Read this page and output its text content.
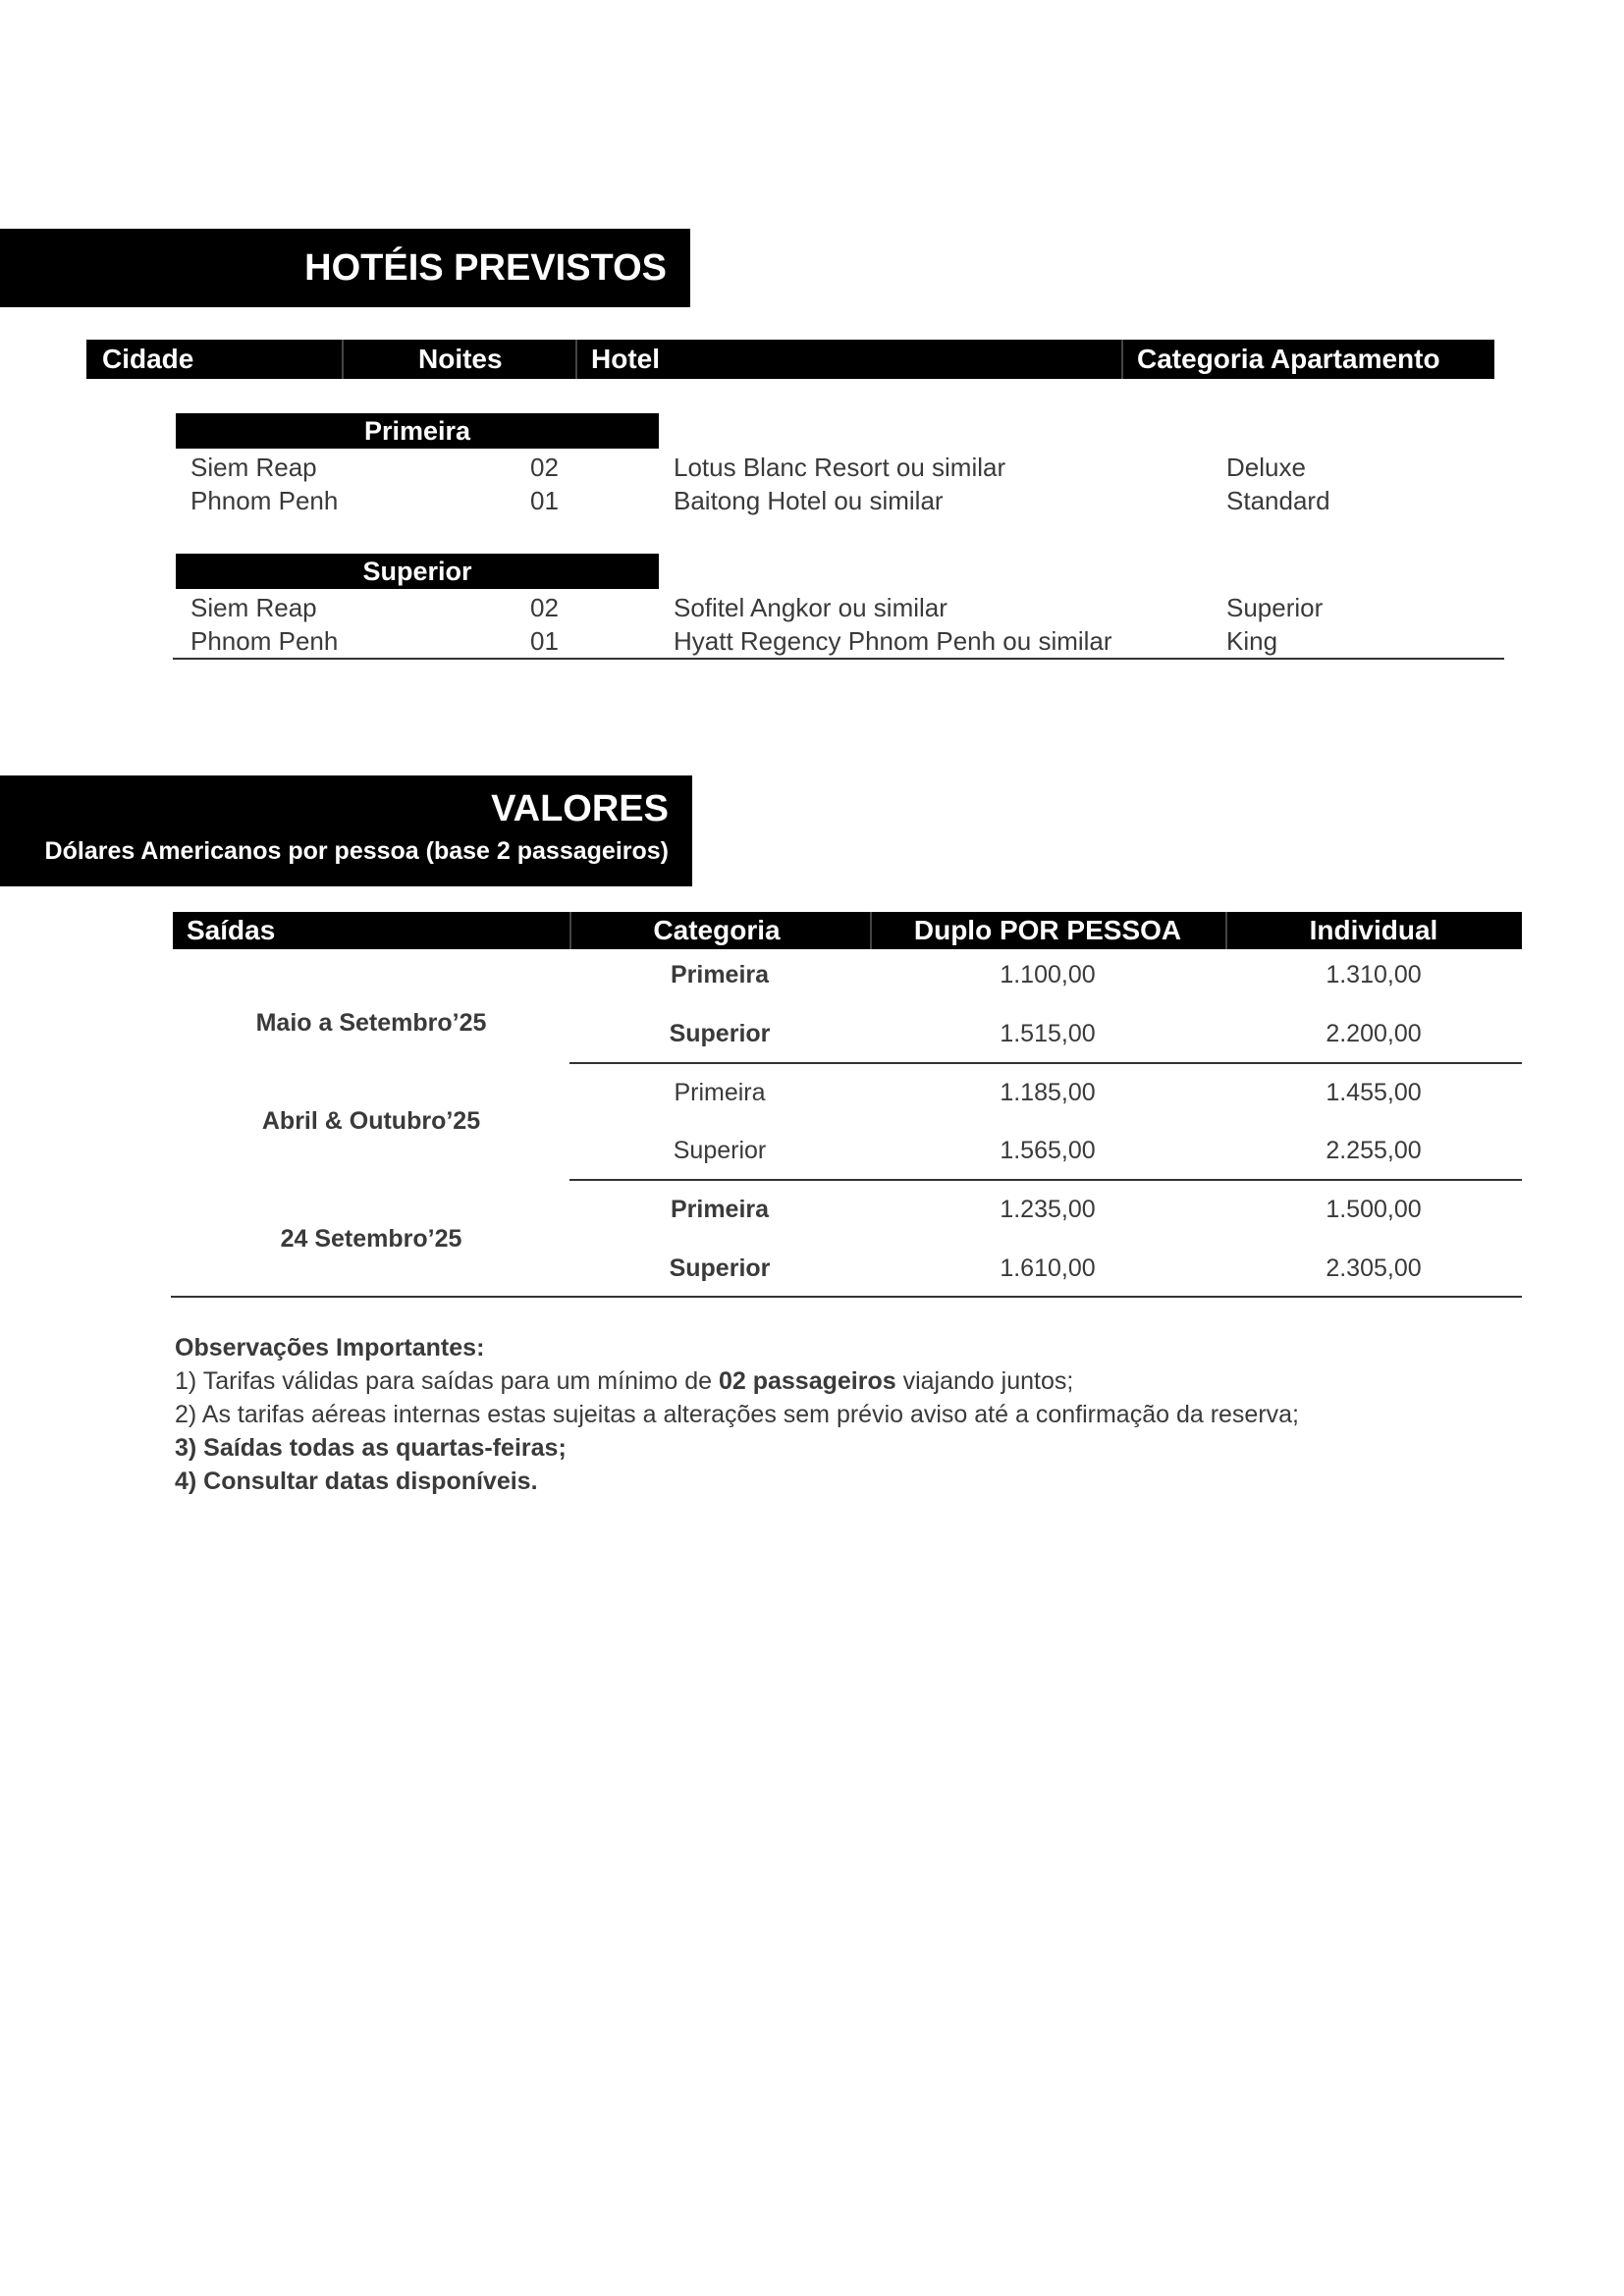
HOTÉIS PREVISTOS
Cidade	Noites	Hotel	Categoria Apartamento
Primeira
Siem Reap	02	Lotus Blanc Resort ou similar	Deluxe
Phnom Penh	01	Baitong Hotel ou similar	Standard
Superior
Siem Reap	02	Sofitel Angkor ou similar	Superior
Phnom Penh	01	Hyatt Regency Phnom Penh ou similar	King
VALORES
Dólares Americanos por pessoa (base 2 passageiros)
Saídas	Categoria	Duplo POR PESSOA	Individual
Maio a Setembro’25
Primeira	1.100,00	1.310,00
Superior	1.515,00	2.200,00
Abril & Outubro’25
Primeira	1.185,00	1.455,00
Superior	1.565,00	2.255,00
24 Setembro’25
Primeira	1.235,00	1.500,00
Superior	1.610,00	2.305,00
Observações Importantes:
1) Tarifas válidas para saídas para um mínimo de 02 passageiros viajando juntos;
2) As tarifas aéreas internas estas sujeitas a alterações sem prévio aviso até a confirmação da reserva;
3) Saídas todas as quartas-feiras;
4) Consultar datas disponíveis.
